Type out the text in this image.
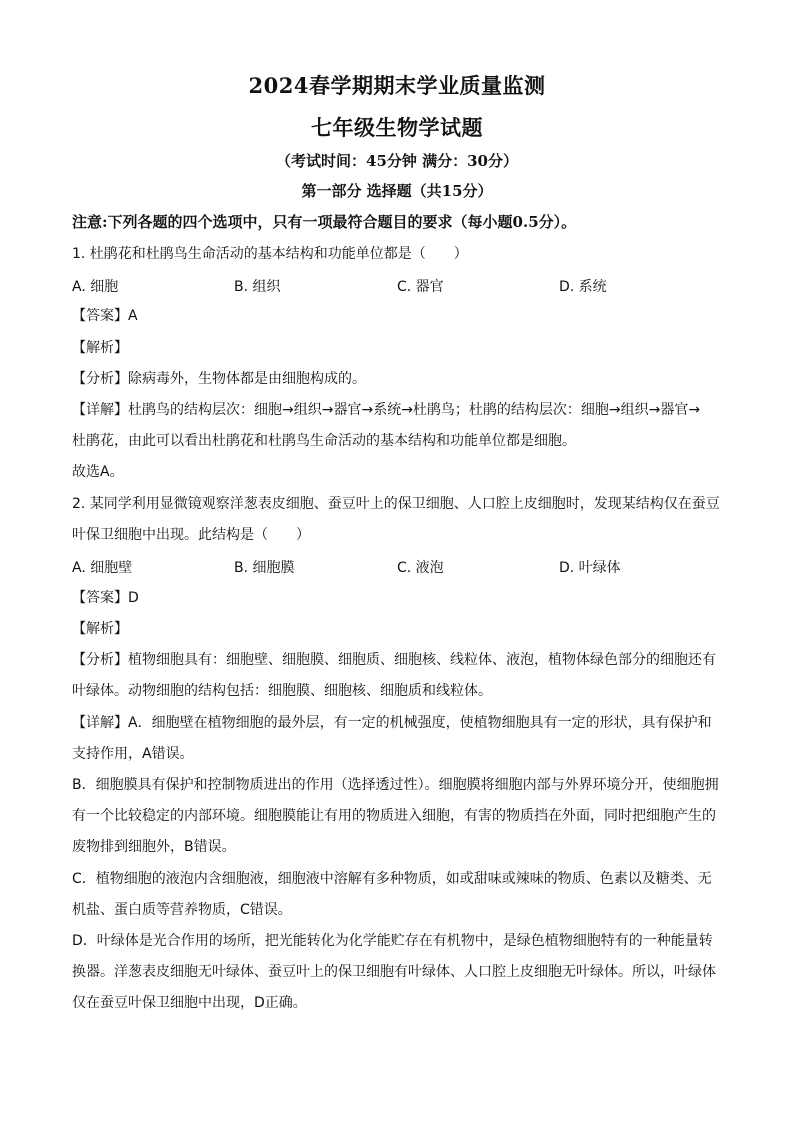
2024春学期期末学业质量监测
七年级生物学试题
（考试时间：45分钟 满分：30分）
第一部分 选择题（共15分）
注意:下列各题的四个选项中，只有一项最符合题目的要求（每小题0.5分）。
1. 杜鹃花和杜鹃鸟生命活动的基本结构和功能单位都是（　　）
A. 细胞	B. 组织	C. 器官	D. 系统
【答案】A
【解析】
【分析】除病毒外，生物体都是由细胞构成的。
【详解】杜鹃鸟的结构层次：细胞→组织→器官→系统→杜鹃鸟；杜鹃的结构层次：细胞→组织→器官→
杜鹃花，由此可以看出杜鹃花和杜鹃鸟生命活动的基本结构和功能单位都是细胞。
故选A。
2. 某同学利用显微镜观察洋葱表皮细胞、蚕豆叶上的保卫细胞、人口腔上皮细胞时，发现某结构仅在蚕豆
叶保卫细胞中出现。此结构是（　　）
A. 细胞壁	B. 细胞膜	C. 液泡	D. 叶绿体
【答案】D
【解析】
【分析】植物细胞具有：细胞壁、细胞膜、细胞质、细胞核、线粒体、液泡，植物体绿色部分的细胞还有
叶绿体。动物细胞的结构包括：细胞膜、细胞核、细胞质和线粒体。
【详解】A．细胞壁在植物细胞的最外层，有一定的机械强度，使植物细胞具有一定的形状，具有保护和
支持作用，A错误。
B．细胞膜具有保护和控制物质进出的作用（选择透过性）。细胞膜将细胞内部与外界环境分开，使细胞拥
有一个比较稳定的内部环境。细胞膜能让有用的物质进入细胞，有害的物质挡在外面，同时把细胞产生的
废物排到细胞外，B错误。
C．植物细胞的液泡内含细胞液，细胞液中溶解有多种物质，如或甜味或辣味的物质、色素以及糖类、无
机盐、蛋白质等营养物质，C错误。
D．叶绿体是光合作用的场所，把光能转化为化学能贮存在有机物中，是绿色植物细胞特有的一种能量转
换器。洋葱表皮细胞无叶绿体、蚕豆叶上的保卫细胞有叶绿体、人口腔上皮细胞无叶绿体。所以，叶绿体
仅在蚕豆叶保卫细胞中出现，D正确。
